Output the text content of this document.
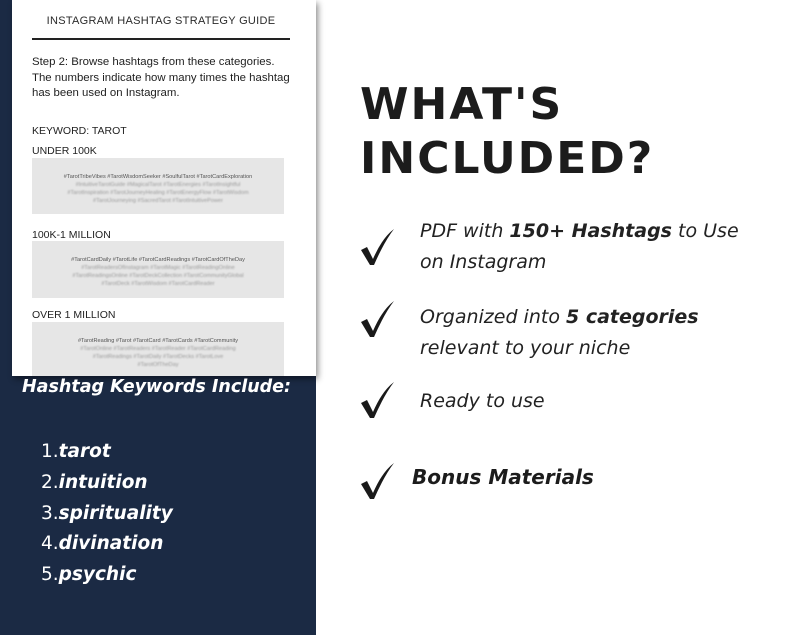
INSTAGRAM HASHTAG STRATEGY GUIDE
Step 2: Browse hashtags from these categories. The numbers indicate how many times the hashtag has been used on Instagram.
KEYWORD: TAROT
UNDER 100K
#TarotTribeVibes #TarotWisdomSeeker #SoulfulTarot #TarotCardExploration
#IntuitiveTarotGuide #MagicalTarot #TarotEnergies #TarotInsightful
#TarotInspiration #TarotJourneyHealing #TarotEnergyFlow #TarotWisdom
#TarotJourneying #SacredTarot #TarotIntuitivePower
100K-1 MILLION
#TarotCardDaily #TarotLife #TarotCardReadings #TarotCardOfTheDay
#TarotReadersOfInstagram #TarotMagic #TarotReadingOnline
#TarotReadingsOnline #TarotDeckCollection #TarotCommunityGlobal
#TarotDeck #TarotWisdom #TarotCardReader
OVER 1 MILLION
#TarotReading #Tarot #TarotCard #TarotCards #TarotCommunity
#TarotOnline #TarotReaders #TarotReader #TarotCardReading
#TarotReadings #TarotDaily #TarotDecks #TarotLove
#TarotOfTheDay
Hashtag Keywords Include:
1.tarot
2.intuition
3.spirituality
4.divination
5.psychic
WHAT'S
INCLUDED?
PDF with 150+ Hashtags to Use
on Instagram
Organized into 5 categories
relevant to your niche
Ready to use
Bonus Materials
